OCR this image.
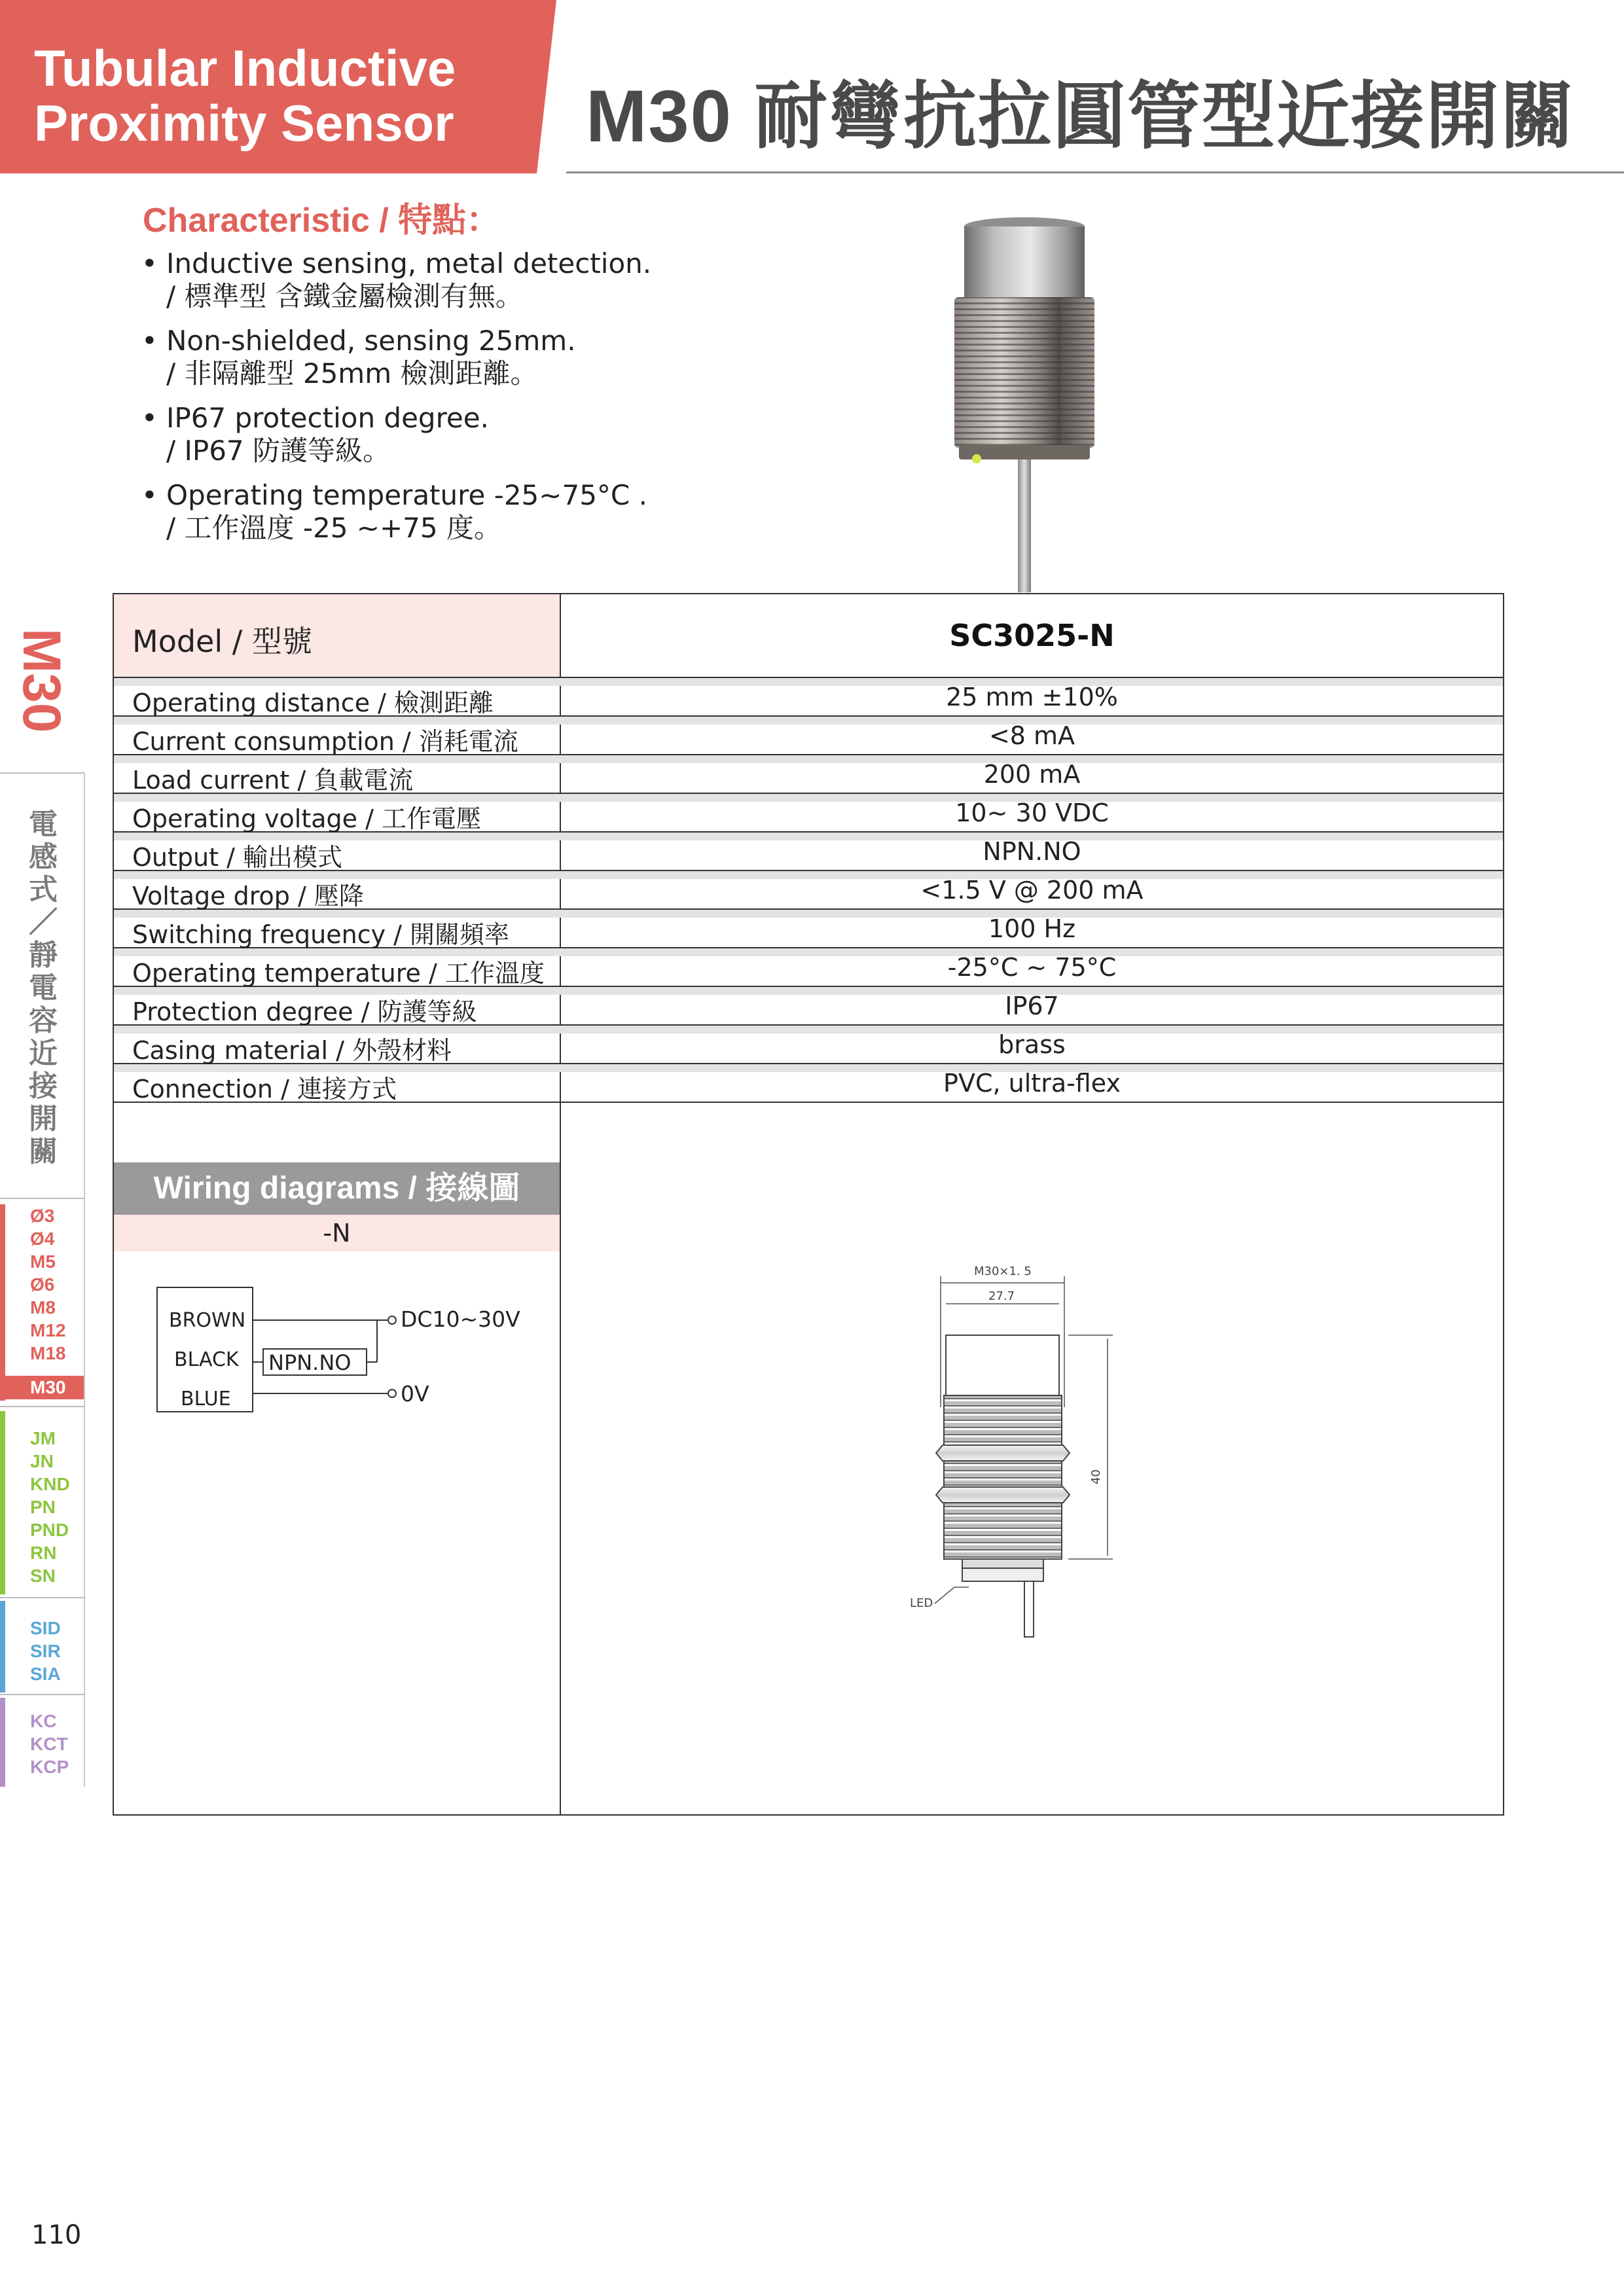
Tubular Inductive
Proximity Sensor	M30 耐彎抗拉圓管型近接開關
Characteristic / 特點：
• Inductive sensing, metal detection.
/ 標準型 含鐵金屬檢測有無。
• Non-shielded, sensing 25mm.
/ 非隔離型 25mm 檢測距離。
• IP67 protection degree.
/ IP67 防護等級。
• Operating temperature -25~75°C .
/ 工作溫度 -25 ~+75 度。
M30
電感式／靜電容近接開關
Ø3
Ø4
M5
Ø6
M8
M12
M18
M30
JM
JN
KND
PN
PND
RN
SN
SID
SIR
SIA
KC
KCT
KCP
Model / 型號	SC3025-N
Operating distance / 檢測距離	25 mm ±10%
Current consumption / 消耗電流	<8 mA
Load current / 負載電流	200 mA
Operating voltage / 工作電壓	10~ 30 VDC
Output / 輸出模式	NPN.NO
Voltage drop / 壓降	<1.5 V @ 200 mA
Switching frequency / 開關頻率	100 Hz
Operating temperature / 工作溫度	-25°C ~ 75°C
Protection degree / 防護等級	IP67
Casing material / 外殼材料	brass
Connection / 連接方式	PVC, ultra-flex
Wiring diagrams / 接線圖
-N
BROWN
BLACK
BLUE
NPN.NO
DC10~30V
0V
M30×1. 5
27.7
40
LED
110
